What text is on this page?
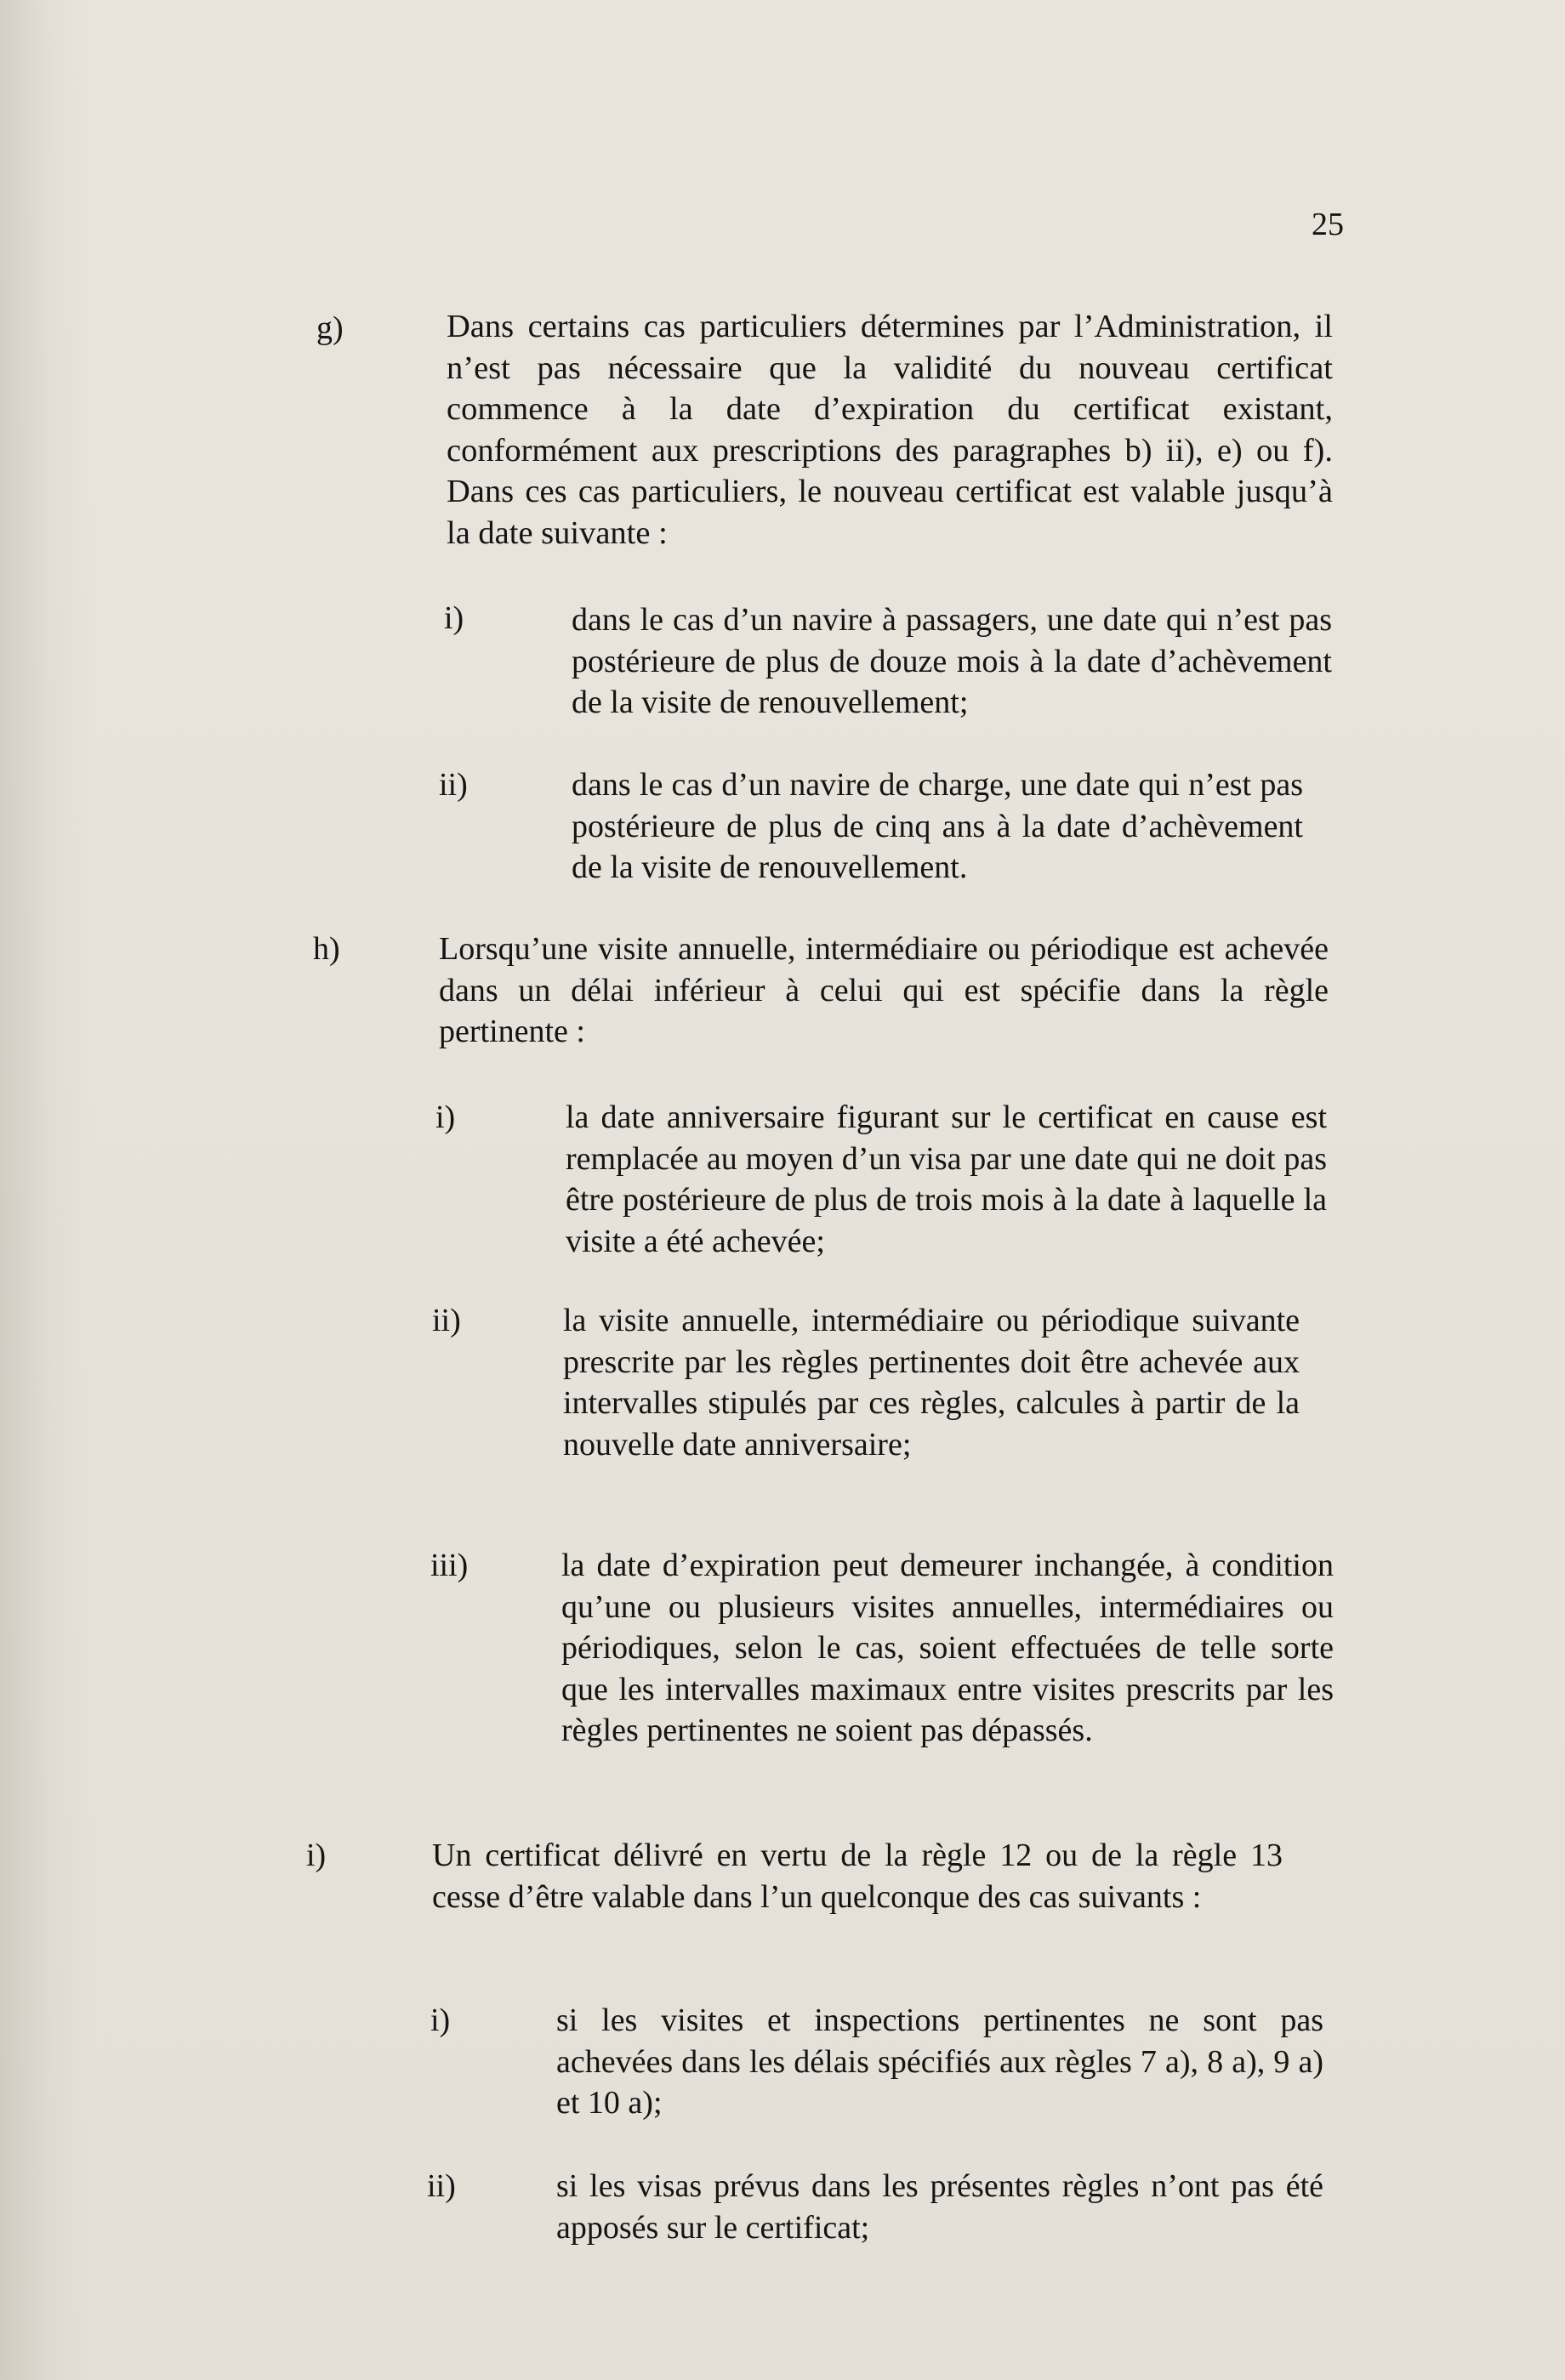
25
g)	Dans certains cas particuliers détermines par l’Administration, il n’est pas nécessaire que la validité du nouveau certificat commence à la date d’expiration du certificat existant, conformément aux prescriptions des paragraphes b) ii), e) ou f). Dans ces cas particuliers, le nouveau certificat est valable jusqu’à la date suivante :
i)	dans le cas d’un navire à passagers, une date qui n’est pas postérieure de plus de douze mois à la date d’achèvement de la visite de renouvellement;
ii)	dans le cas d’un navire de charge, une date qui n’est pas postérieure de plus de cinq ans à la date d’achèvement de la visite de renouvellement.
h)	Lorsqu’une visite annuelle, intermédiaire ou périodique est achevée dans un délai inférieur à celui qui est spécifie dans la règle pertinente :
i)	la date anniversaire figurant sur le certificat en cause est remplacée au moyen d’un visa par une date qui ne doit pas être postérieure de plus de trois mois à la date à laquelle la visite a été achevée;
ii)	la visite annuelle, intermédiaire ou périodique suivante prescrite par les règles pertinentes doit être achevée aux intervalles stipulés par ces règles, calcules à partir de la nouvelle date anniversaire;
iii)	la date d’expiration peut demeurer inchangée, à condition qu’une ou plusieurs visites annuelles, intermédiaires ou périodiques, selon le cas, soient effectuées de telle sorte que les intervalles maximaux entre visites prescrits par les règles pertinentes ne soient pas dépassés.
i)	Un certificat délivré en vertu de la règle 12 ou de la règle 13 cesse d’être valable dans l’un quelconque des cas suivants :
i)	si les visites et inspections pertinentes ne sont pas achevées dans les délais spécifiés aux règles 7 a), 8 a), 9 a) et 10 a);
ii)	si les visas prévus dans les présentes règles n’ont pas été apposés sur le certificat;
